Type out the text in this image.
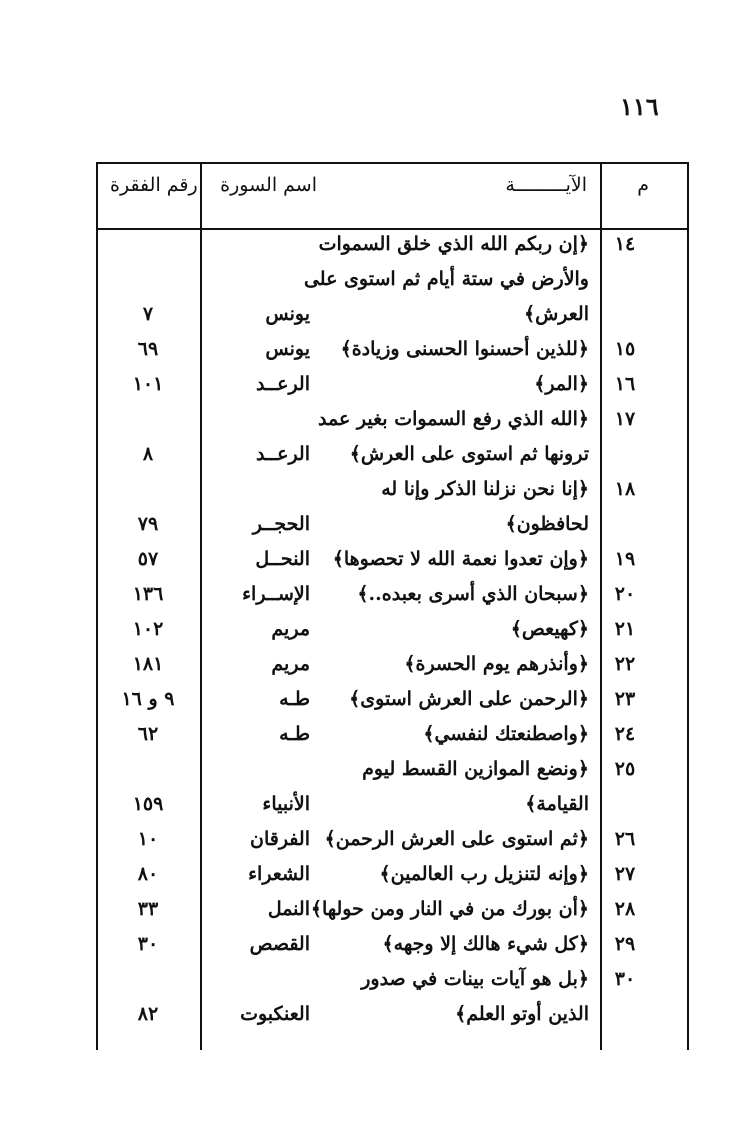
١١٦
م
الآيـــــــــة
اسم السورة
رقم الفقرة
١٤
﴿إن ربكم الله الذي خلق السموات
والأرض في ستة أيام ثم استوى على
العرش﴾
يونس
٧
١٥
﴿للذين أحسنوا الحسنى وزيادة﴾
يونس
٦٩
١٦
﴿المر﴾
الرعــد
١٠١
١٧
﴿الله الذي رفع السموات بغير عمد
ترونها ثم استوى على العرش﴾
الرعــد
٨
١٨
﴿إنا نحن نزلنا الذكر وإنا له
لحافظون﴾
الحجــر
٧٩
١٩
﴿وإن تعدوا نعمة الله لا تحصوها﴾
النحــل
٥٧
٢٠
﴿سبحان الذي أسرى بعبده..﴾
الإســراء
١٣٦
٢١
﴿كهيعص﴾
مريم
١٠٢
٢٢
﴿وأنذرهم يوم الحسرة﴾
مريم
١٨١
٢٣
﴿الرحمن على العرش استوى﴾
طـه
٩ و ١٦
٢٤
﴿واصطنعتك لنفسي﴾
طـه
٦٢
٢٥
﴿ونضع الموازين القسط ليوم
القيامة﴾
الأنبياء
١٥٩
٢٦
﴿ثم استوى على العرش الرحمن﴾
الفرقان
١٠
٢٧
﴿وإنه لتنزيل رب العالمين﴾
الشعراء
٨٠
٢٨
﴿أن بورك من في النار ومن حولها﴾
النمل
٣٣
٢٩
﴿كل شيء هالك إلا وجهه﴾
القصص
٣٠
٣٠
﴿بل هو آيات بينات في صدور
الذين أوتو العلم﴾
العنكبوت
٨٢
